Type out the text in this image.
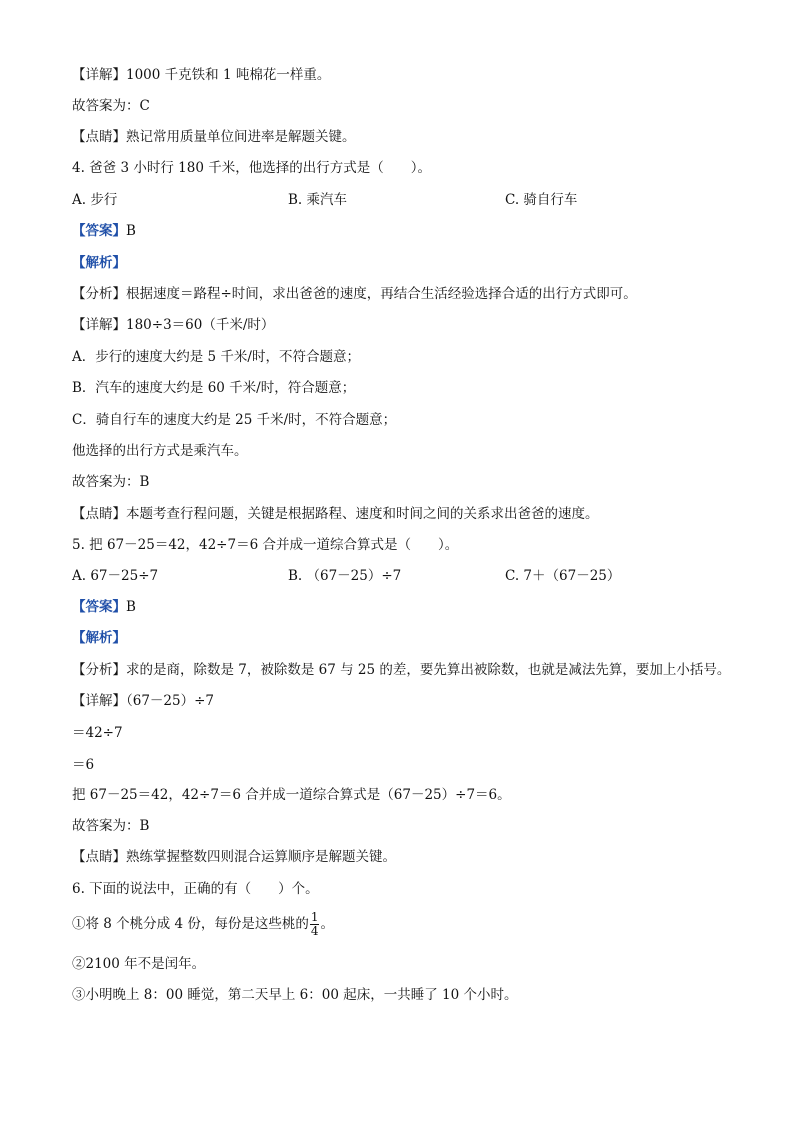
【详解】1000 千克铁和 1 吨棉花一样重。
故答案为：C
【点睛】熟记常用质量单位间进率是解题关键。
4. 爸爸 3 小时行 180 千米，他选择的出行方式是（　　）。
A. 步行	B. 乘汽车	C. 骑自行车
【答案】B
【解析】
【分析】根据速度＝路程÷时间，求出爸爸的速度，再结合生活经验选择合适的出行方式即可。
【详解】180÷3＝60（千米/时）
A．步行的速度大约是 5 千米/时，不符合题意；
B．汽车的速度大约是 60 千米/时，符合题意；
C．骑自行车的速度大约是 25 千米/时，不符合题意；
他选择的出行方式是乘汽车。
故答案为：B
【点睛】本题考查行程问题，关键是根据路程、速度和时间之间的关系求出爸爸的速度。
5. 把 67－25＝42，42÷7＝6 合并成一道综合算式是（　　）。
A. 67－25÷7	B. （67－25）÷7	C. 7＋（67－25）
【答案】B
【解析】
【分析】求的是商，除数是 7，被除数是 67 与 25 的差，要先算出被除数，也就是减法先算，要加上小括号。
【详解】（67－25）÷7
＝42÷7
＝6
把 67－25＝42，42÷7＝6 合并成一道综合算式是（67－25）÷7＝6。
故答案为：B
【点睛】熟练掌握整数四则混合运算顺序是解题关键。
6. 下面的说法中，正确的有（　　）个。
①将 8 个桃分成 4 份，每份是这些桃的 $\frac{1}{4}$ 。
②2100 年不是闰年。
③小明晚上 8：00 睡觉，第二天早上 6：00 起床，一共睡了 10 个小时。
